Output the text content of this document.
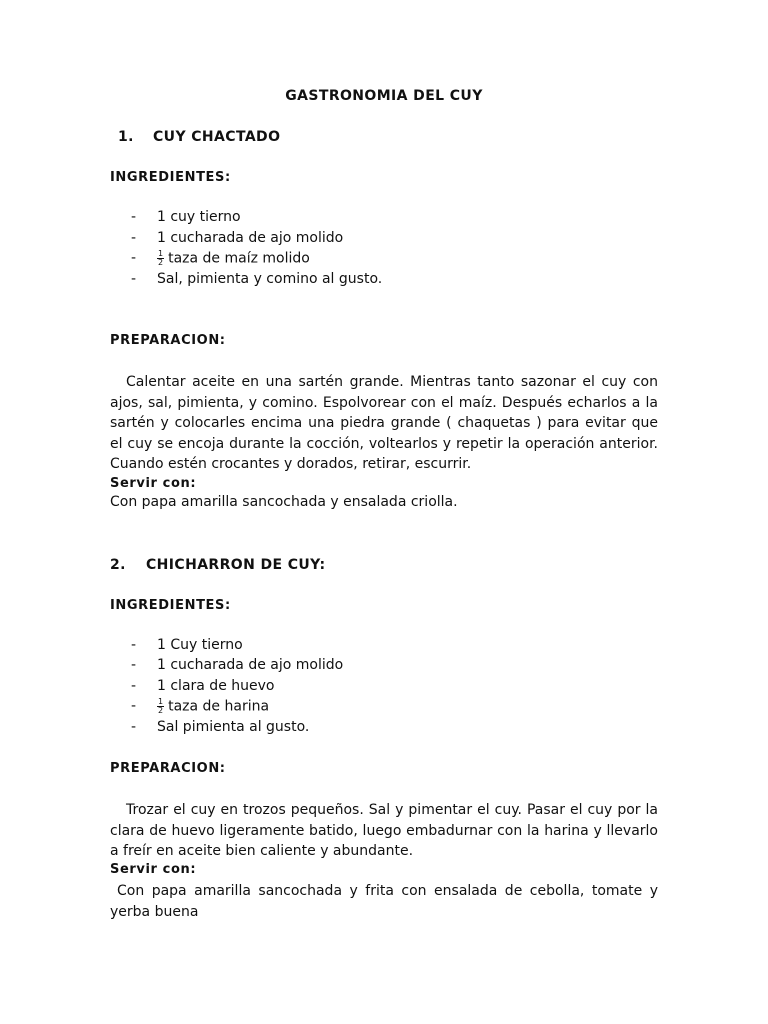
GASTRONOMIA DEL CUY
1. CUY CHACTADO
INGREDIENTES:
- 1 cuy tierno
- 1 cucharada de ajo molido
-	$\frac{1}{2}$ taza de maíz molido
- Sal, pimienta y comino al gusto.
PREPARACION:
Calentar aceite en una sartén grande. Mientras tanto sazonar el cuy con ajos, sal, pimienta, y comino. Espolvorear con el maíz. Después echarlos a la sartén y colocarles encima una piedra grande ( chaquetas ) para evitar que el cuy se encoja durante la cocción, voltearlos y repetir la operación anterior. Cuando estén crocantes y dorados, retirar, escurrir.
Servir con:
Con papa amarilla sancochada y ensalada criolla.
2. CHICHARRON DE CUY:
INGREDIENTES:
- 1 Cuy tierno
- 1 cucharada de ajo molido
- 1 clara de huevo
-	$\frac{1}{2}$ taza de harina
- Sal pimienta al gusto.
PREPARACION:
Trozar el cuy en trozos pequeños. Sal y pimentar el cuy. Pasar el cuy por la clara de huevo ligeramente batido, luego embadurnar con la harina y llevarlo a freír en aceite bien caliente y abundante.
Servir con:
Con papa amarilla sancochada y frita con ensalada de cebolla, tomate y yerba buena
